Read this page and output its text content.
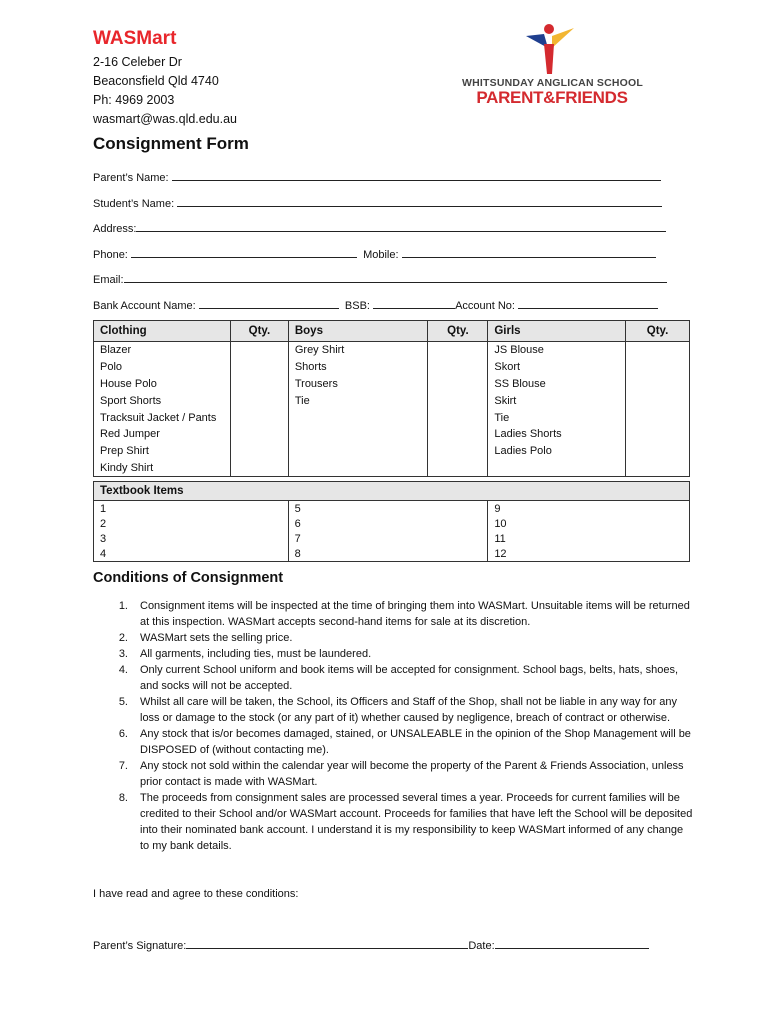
WASMart
2-16 Celeber Dr
Beaconsfield Qld 4740
Ph: 4969 2003
wasmart@was.qld.edu.au
WHITSUNDAY ANGLICAN SCHOOL
PARENT&FRIENDS
Consignment Form
Parent’s Name:
Student’s Name:
Address:
Phone:	Mobile:
Email:
Bank Account Name:	BSB:	Account No:
Clothing	Qty.	Boys	Qty.	Girls	Qty.
Blazer		Grey Shirt		JS Blouse	
Polo		Shorts		Skort	
House Polo		Trousers		SS Blouse	
Sport Shorts		Tie		Skirt	
Tracksuit Jacket / Pants				Tie	
Red Jumper				Ladies Shorts	
Prep Shirt				Ladies Polo	
Kindy Shirt					
Textbook Items		
1	5	9
2	6	10
3	7	11
4	8	12
Conditions of Consignment
1.	Consignment items will be inspected at the time of bringing them into WASMart. Unsuitable items will be returned at this inspection. WASMart accepts second-hand items for sale at its discretion.
2.	WASMart sets the selling price.
3.	All garments, including ties, must be laundered.
4.	Only current School uniform and book items will be accepted for consignment. School bags, belts, hats, shoes, and socks will not be accepted.
5.	Whilst all care will be taken, the School, its Officers and Staff of the Shop, shall not be liable in any way for any loss or damage to the stock (or any part of it) whether caused by negligence, breach of contract or otherwise.
6.	Any stock that is/or becomes damaged, stained, or UNSALEABLE in the opinion of the Shop Management will be DISPOSED of (without contacting me).
7.	Any stock not sold within the calendar year will become the property of the Parent & Friends Association, unless prior contact is made with WASMart.
8.	The proceeds from consignment sales are processed several times a year. Proceeds for current families will be credited to their School and/or WASMart account. Proceeds for families that have left the School will be deposited into their nominated bank account. I understand it is my responsibility to keep WASMart informed of any change to my bank details.
I have read and agree to these conditions:
Parent’s Signature:	Date:
